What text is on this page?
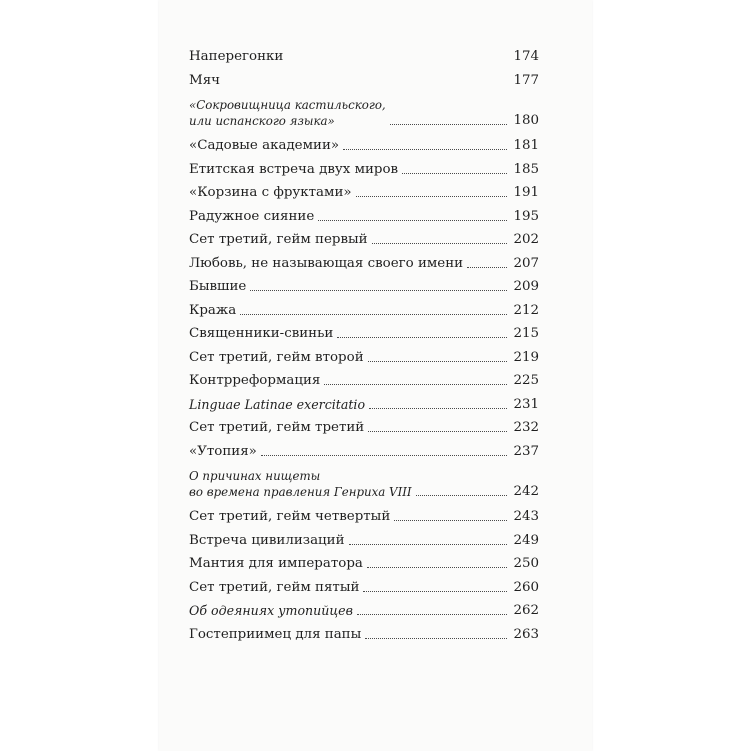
Наперегонки	174
Мяч	177
«Сокровищница кастильского,
или испанского языка»	180
«Садовые академии»	181
Етитская встреча двух миров	185
«Корзина с фруктами»	191
Радужное сияние	195
Сет третий, гейм первый	202
Любовь, не называющая своего имени	207
Бывшие	209
Кража	212
Священники-свиньи	215
Сет третий, гейм второй	219
Контрреформация	225
Linguae Latinae exercitatio	231
Сет третий, гейм третий	232
«Утопия»	237
О причинах нищеты
во времена правления Генриха VIII	242
Сет третий, гейм четвертый	243
Встреча цивилизаций	249
Мантия для императора	250
Сет третий, гейм пятый	260
Об одеяниях утопийцев	262
Гостеприимец для папы	263
